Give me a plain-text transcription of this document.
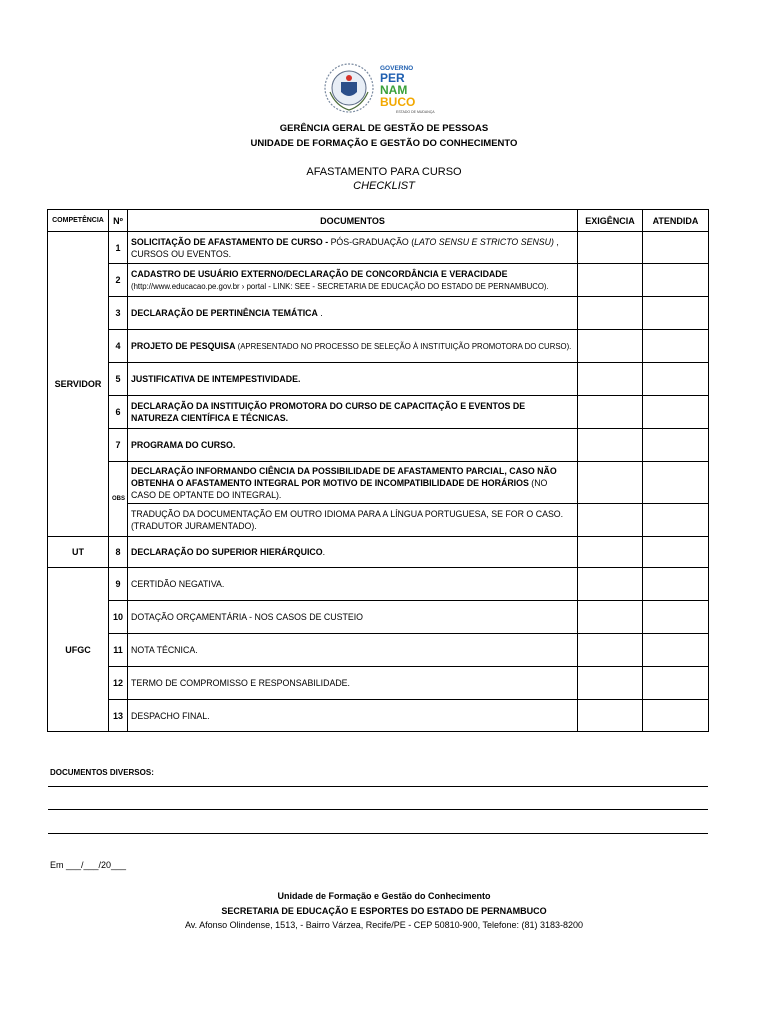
GOVERNO
PER
NAM
BUCO
ESTADO DE MUDANÇA
GERÊNCIA GERAL DE GESTÃO DE PESSOAS
UNIDADE DE FORMAÇÃO E GESTÃO DO CONHECIMENTO
AFASTAMENTO PARA CURSO
CHECKLIST
COMPETÊNCIA	Nº	DOCUMENTOS	EXIGÊNCIA	ATENDIDA
SERVIDOR	1	SOLICITAÇÃO DE AFASTAMENTO DE CURSO - PÓS-GRADUAÇÃO (LATO SENSU E STRICTO SENSU) , CURSOS OU EVENTOS.		
	2	CADASTRO DE USUÁRIO EXTERNO/DECLARAÇÃO DE CONCORDÂNCIA E VERACIDADE
(http://www.educacao.pe.gov.br › portal - LINK: SEE - SECRETARIA DE EDUCAÇÃO DO ESTADO DE PERNAMBUCO).		
	3	DECLARAÇÃO DE PERTINÊNCIA TEMÁTICA .		
	4	PROJETO DE PESQUISA (APRESENTADO NO PROCESSO DE SELEÇÃO À INSTITUIÇÃO PROMOTORA DO CURSO).		
	5	JUSTIFICATIVA DE INTEMPESTIVIDADE.		
	6	DECLARAÇÃO DA INSTITUIÇÃO PROMOTORA DO CURSO DE CAPACITAÇÃO E EVENTOS DE NATUREZA CIENTÍFICA E TÉCNICAS.		
	7	PROGRAMA DO CURSO.		
	OBS	DECLARAÇÃO INFORMANDO CIÊNCIA DA POSSIBILIDADE DE AFASTAMENTO PARCIAL, CASO NÃO OBTENHA O AFASTAMENTO INTEGRAL POR MOTIVO DE INCOMPATIBILIDADE DE HORÁRIOS (NO CASO DE OPTANTE DO INTEGRAL).		
		TRADUÇÃO DA DOCUMENTAÇÃO EM OUTRO IDIOMA PARA A LÍNGUA PORTUGUESA, SE FOR O CASO. (TRADUTOR JURAMENTADO).		
UT	8	DECLARAÇÃO DO SUPERIOR HIERÁRQUICO.		
UFGC	9	CERTIDÃO NEGATIVA.		
	10	DOTAÇÃO ORÇAMENTÁRIA - NOS CASOS DE CUSTEIO		
	11	NOTA TÉCNICA.		
	12	TERMO DE COMPROMISSO E RESPONSABILIDADE.		
	13	DESPACHO FINAL.		
DOCUMENTOS DIVERSOS:
Em ___/___/20___
Unidade de Formação e Gestão do Conhecimento
SECRETARIA DE EDUCAÇÃO E ESPORTES DO ESTADO DE PERNAMBUCO
Av. Afonso Olindense, 1513, - Bairro Várzea, Recife/PE - CEP 50810-900, Telefone: (81) 3183-8200
